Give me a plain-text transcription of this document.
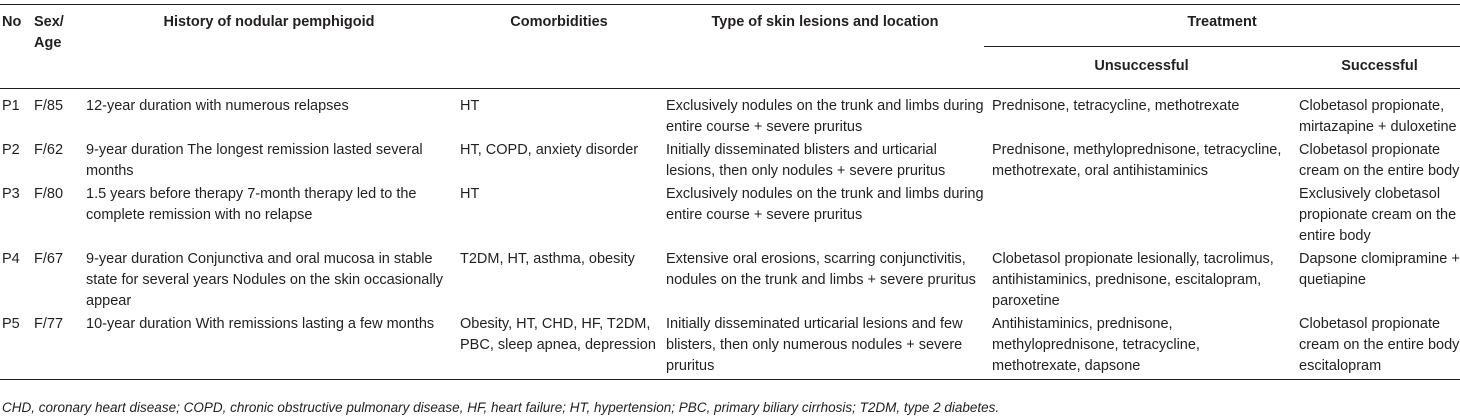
No	Sex/ Age	History of nodular pemphigoid	Comorbidities	Type of skin lesions and location	Treatment	
					Unsuccessful	Successful
P1	F/85	12-year duration with numerous relapses	HT	Exclusively nodules on the trunk and limbs during entire course + severe pruritus	Prednisone, tetracycline, methotrexate	Clobetasol propionate, mirtazapine + duloxetine
P2	F/62	9-year duration The longest remission lasted several months	HT, COPD, anxiety disorder	Initially disseminated blisters and urticarial lesions, then only nodules + severe pruritus	Prednisone, methyloprednisone, tetracycline, methotrexate, oral antihistaminics	Clobetasol propionate cream on the entire body
P3	F/80	1.5 years before therapy 7-month therapy led to the complete remission with no relapse	HT	Exclusively nodules on the trunk and limbs during entire course + severe pruritus		Exclusively clobetasol propionate cream on the entire body
P4	F/67	9-year duration Conjunctiva and oral mucosa in stable state for several years Nodules on the skin occasionally appear	T2DM, HT, asthma, obesity	Extensive oral erosions, scarring conjunctivitis, nodules on the trunk and limbs + severe pruritus	Clobetasol propionate lesionally, tacrolimus, antihistaminics, prednisone, escitalopram, paroxetine	Dapsone clomipramine + quetiapine
P5	F/77	10-year duration With remissions lasting a few months	Obesity, HT, CHD, HF, T2DM, PBC, sleep apnea, depression	Initially disseminated urticarial lesions and few blisters, then only numerous nodules + severe pruritus	Antihistaminics, prednisone, methyloprednisone, tetracycline, methotrexate, dapsone	Clobetasol propionate cream on the entire body escitalopram
CHD, coronary heart disease; COPD, chronic obstructive pulmonary disease, HF, heart failure; HT, hypertension; PBC, primary biliary cirrhosis; T2DM, type 2 diabetes.
